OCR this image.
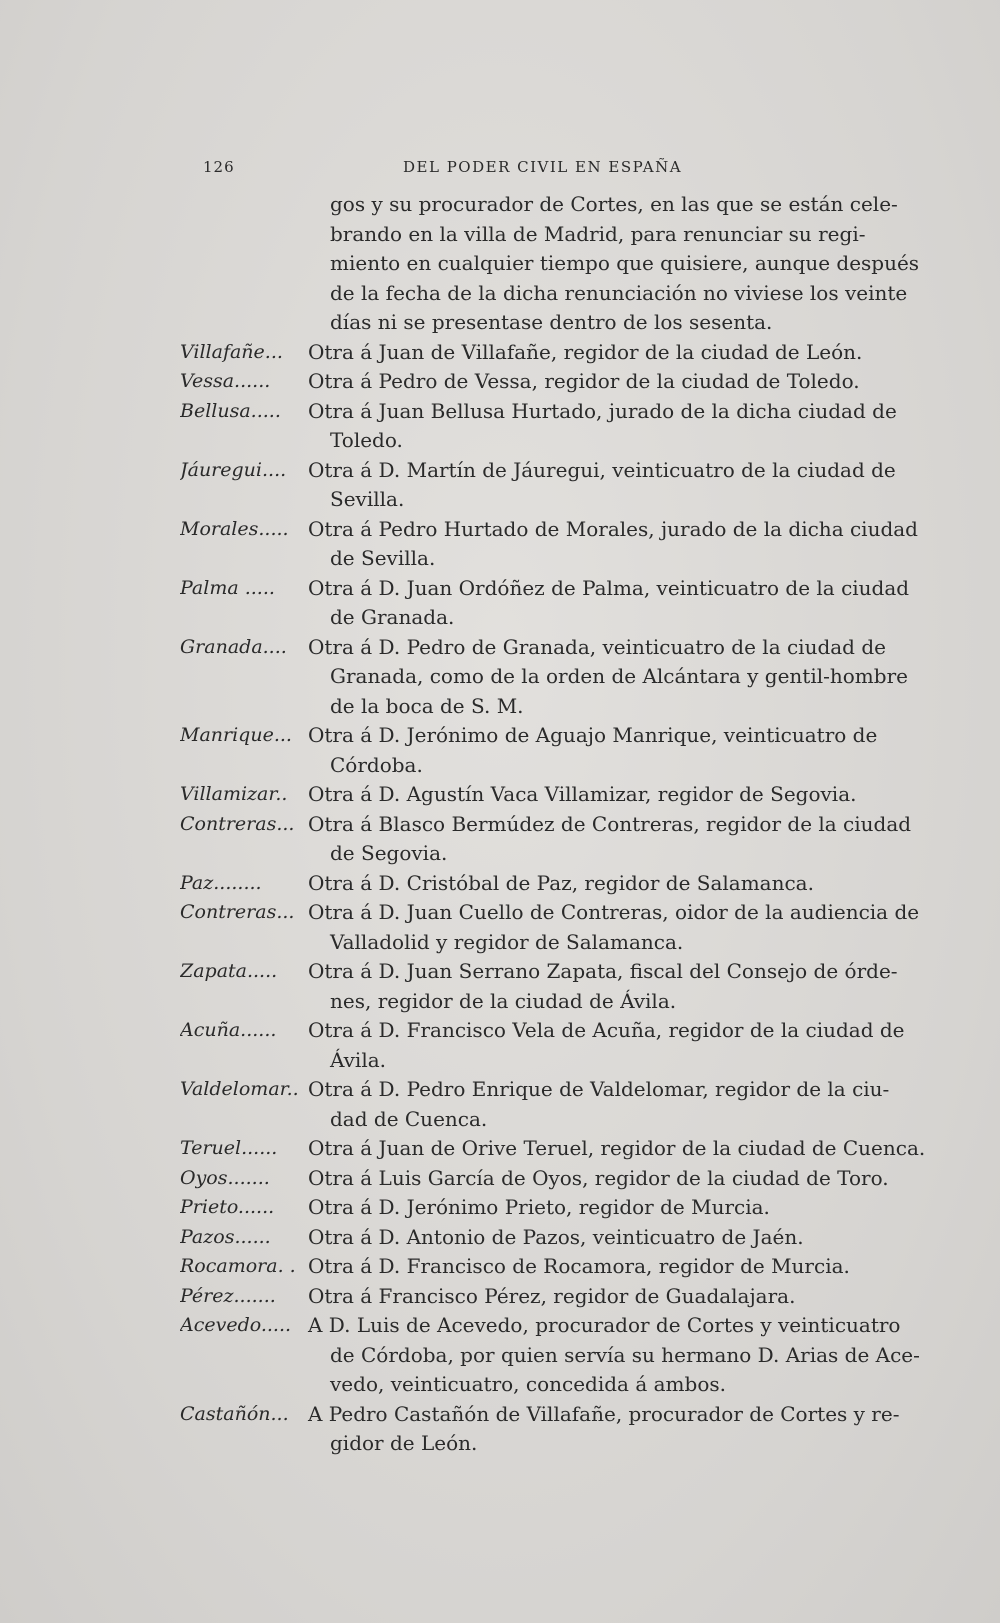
126	DEL PODER CIVIL EN ESPAÑA
gos y su procurador de Cortes, en las que se están cele-
brando en la villa de Madrid, para renunciar su regi-
miento en cualquier tiempo que quisiere, aunque después
de la fecha de la dicha renunciación no viviese los veinte
días ni se presentase dentro de los sesenta.
Villafañe...	Otra á Juan de Villafañe, regidor de la ciudad de León.
Vessa......	Otra á Pedro de Vessa, regidor de la ciudad de Toledo.
Bellusa.....	Otra á Juan Bellusa Hurtado, jurado de la dicha ciudad de
Toledo.
Jáuregui....	Otra á D. Martín de Jáuregui, veinticuatro de la ciudad de
Sevilla.
Morales..... Otra á Pedro Hurtado de Morales, jurado de la dicha ciudad
de Sevilla.
Palma .....	Otra á D. Juan Ordóñez de Palma, veinticuatro de la ciudad
de Granada.
Granada....	Otra á D. Pedro de Granada, veinticuatro de la ciudad de
Granada, como de la orden de Alcántara y gentil-hombre
de la boca de S. M.
Manrique... Otra á D. Jerónimo de Aguajo Manrique, veinticuatro de
Córdoba.
Villamizar..	Otra á D. Agustín Vaca Villamizar, regidor de Segovia.
Contreras... Otra á Blasco Bermúdez de Contreras, regidor de la ciudad
de Segovia.
Paz........	Otra á D. Cristóbal de Paz, regidor de Salamanca.
Contreras... Otra á D. Juan Cuello de Contreras, oidor de la audiencia de
Valladolid y regidor de Salamanca.
Zapata.....	Otra á D. Juan Serrano Zapata, fiscal del Consejo de órde-
nes, regidor de la ciudad de Ávila.
Acuña......	Otra á D. Francisco Vela de Acuña, regidor de la ciudad de
Ávila.
Valdelomar.. Otra á D. Pedro Enrique de Valdelomar, regidor de la ciu-
dad de Cuenca.
Teruel......	Otra á Juan de Orive Teruel, regidor de la ciudad de Cuenca.
Oyos.......	Otra á Luis García de Oyos, regidor de la ciudad de Toro.
Prieto......	Otra á D. Jerónimo Prieto, regidor de Murcia.
Pazos......	Otra á D. Antonio de Pazos, veinticuatro de Jaén.
Rocamora. . Otra á D. Francisco de Rocamora, regidor de Murcia.
Pérez.......	Otra á Francisco Pérez, regidor de Guadalajara.
Acevedo..... A D. Luis de Acevedo, procurador de Cortes y veinticuatro
de Córdoba, por quien servía su hermano D. Arias de Ace-
vedo, veinticuatro, concedida á ambos.
Castañón... A Pedro Castañón de Villafañe, procurador de Cortes y re-
gidor de León.
